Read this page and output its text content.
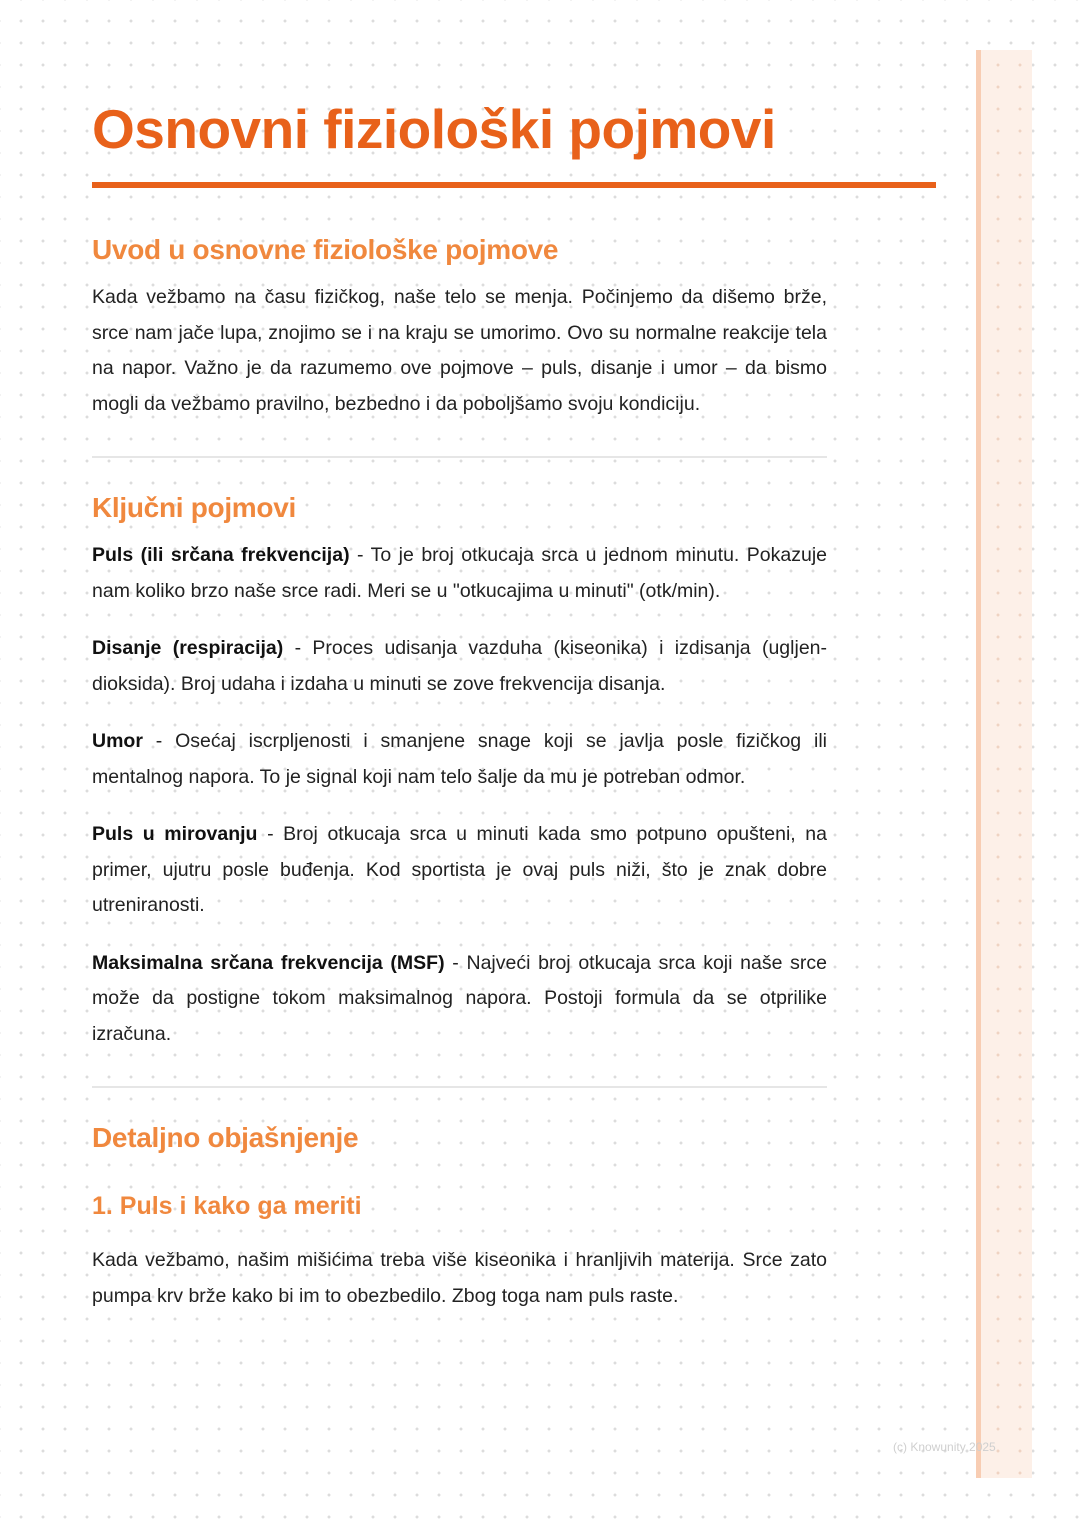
Osnovni fiziološki pojmovi
Uvod u osnovne fiziološke pojmove

Kada vežbamo na času fizičkog, naše telo se menja. Počinjemo da dišemo brže, srce nam jače lupa, znojimo se i na kraju se umorimo. Ovo su normalne reakcije tela na napor. Važno je da razumemo ove pojmove – puls, disanje i umor – da bismo mogli da vežbamo pravilno, bezbedno i da poboljšamo svoju kondiciju.

Ključni pojmovi

Puls (ili srčana frekvencija) - To je broj otkucaja srca u jednom minutu. Pokazuje nam koliko brzo naše srce radi. Meri se u "otkucajima u minuti" (otk/min).

Disanje (respiracija) - Proces udisanja vazduha (kiseonika) i izdisanja (ugljen-dioksida). Broj udaha i izdaha u minuti se zove frekvencija disanja.

Umor - Osećaj iscrpljenosti i smanjene snage koji se javlja posle fizičkog ili mentalnog napora. To je signal koji nam telo šalje da mu je potreban odmor.

Puls u mirovanju - Broj otkucaja srca u minuti kada smo potpuno opušteni, na primer, ujutru posle buđenja. Kod sportista je ovaj puls niži, što je znak dobre utreniranosti.

Maksimalna srčana frekvencija (MSF) - Najveći broj otkucaja srca koji naše srce može da postigne tokom maksimalnog napora. Postoji formula da se otprilike izračuna.

Detaljno objašnjenje
1. Puls i kako ga meriti

Kada vežbamo, našim mišićima treba više kiseonika i hranljivih materija. Srce zato pumpa krv brže kako bi im to obezbedilo. Zbog toga nam puls raste.

(c) Knowunity 2025
